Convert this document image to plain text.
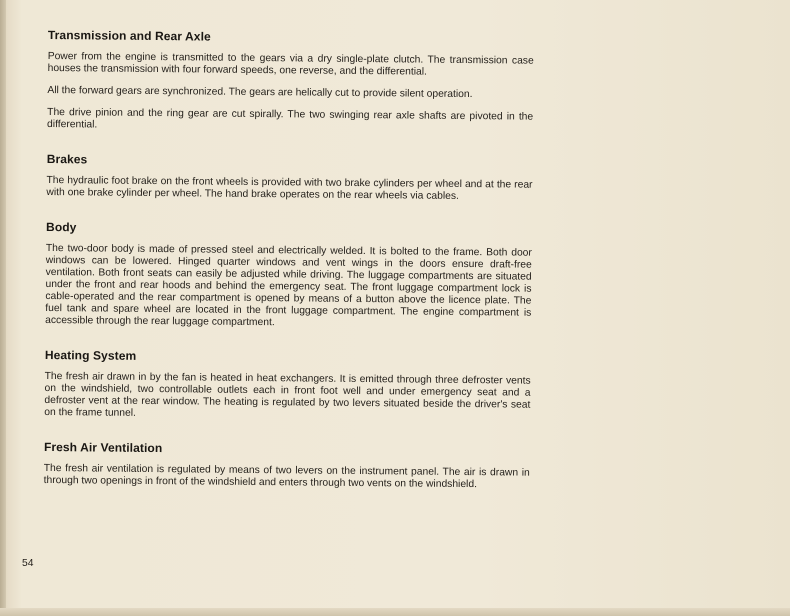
Transmission and Rear Axle

Power from the engine is transmitted to the gears via a dry single-plate clutch. The transmission case houses the transmission with four forward speeds, one reverse, and the differential.

All the forward gears are synchronized. The gears are helically cut to provide silent operation.

The drive pinion and the ring gear are cut spirally. The two swinging rear axle shafts are pivoted in the differential.

Brakes

The hydraulic foot brake on the front wheels is provided with two brake cylinders per wheel and at the rear with one brake cylinder per wheel. The hand brake operates on the rear wheels via cables.

Body

The two-door body is made of pressed steel and electrically welded. It is bolted to the frame. Both door windows can be lowered. Hinged quarter windows and vent wings in the doors ensure draft-free ventilation. Both front seats can easily be adjusted while driving. The luggage compartments are situated under the front and rear hoods and behind the emergency seat. The front luggage compartment lock is cable-operated and the rear compartment is opened by means of a button above the licence plate. The fuel tank and spare wheel are located in the front luggage compartment. The engine compartment is accessible through the rear luggage compartment.

Heating System

The fresh air drawn in by the fan is heated in heat exchangers. It is emitted through three defroster vents on the windshield, two controllable outlets each in front foot well and under emergency seat and a defroster vent at the rear window. The heating is regulated by two levers situated beside the driver's seat on the frame tunnel.

Fresh Air Ventilation

The fresh air ventilation is regulated by means of two levers on the instrument panel. The air is drawn in through two openings in front of the windshield and enters through two vents on the windshield.

54
